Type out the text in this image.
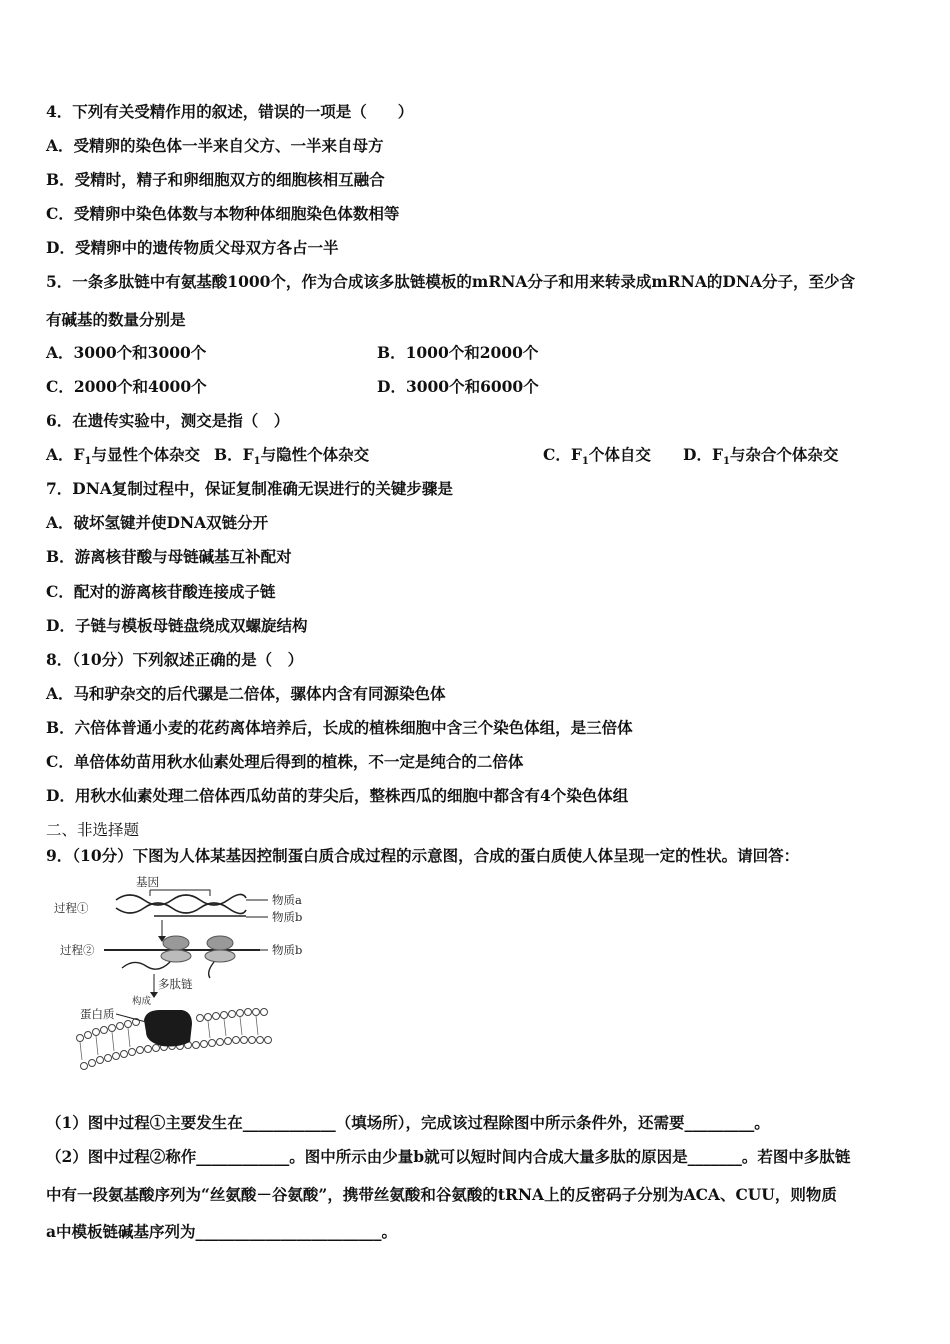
4．下列有关受精作用的叙述，错误的一项是（　　）
A．受精卵的染色体一半来自父方、一半来自母方
B．受精时，精子和卵细胞双方的细胞核相互融合
C．受精卵中染色体数与本物种体细胞染色体数相等
D．受精卵中的遗传物质父母双方各占一半
5．一条多肽链中有氨基酸1000个，作为合成该多肽链模板的mRNA分子和用来转录成mRNA的DNA分子，至少含
有碱基的数量分别是
A．3000个和3000个	B．1000个和2000个
C．2000个和4000个	D．3000个和6000个
6．在遗传实验中，测交是指（　）
A．$F_1$与显性个体杂交 B．$F_1$与隐性个体杂交	C．$F_1$个体自交 D．$F_1$与杂合个体杂交
7．DNA复制过程中，保证复制准确无误进行的关键步骤是
A．破坏氢键并使DNA双链分开
B．游离核苷酸与母链碱基互补配对
C．配对的游离核苷酸连接成子链
D．子链与模板母链盘绕成双螺旋结构
8．（10分）下列叙述正确的是（　）
A．马和驴杂交的后代骡是二倍体，骡体内含有同源染色体
B．六倍体普通小麦的花药离体培养后，长成的植株细胞中含三个染色体组，是三倍体
C．单倍体幼苗用秋水仙素处理后得到的植株，不一定是纯合的二倍体
D．用秋水仙素处理二倍体西瓜幼苗的芽尖后，整株西瓜的细胞中都含有4个染色体组
二、非选择题
9．（10分）下图为人体某基因控制蛋白质合成过程的示意图，合成的蛋白质使人体呈现一定的性状。请回答：
基因
过程①
过程②
物质a
物质b
物质b
多肽链
构成
蛋白质
（1）图中过程①主要发生在____________（填场所），完成该过程除图中所示条件外，还需要_________。
（2）图中过程②称作____________。图中所示由少量b就可以短时间内合成大量多肽的原因是_______。若图中多肽链
中有一段氨基酸序列为“丝氨酸－谷氨酸”，携带丝氨酸和谷氨酸的tRNA上的反密码子分别为ACA、CUU，则物质
a中模板链碱基序列为________________________。
